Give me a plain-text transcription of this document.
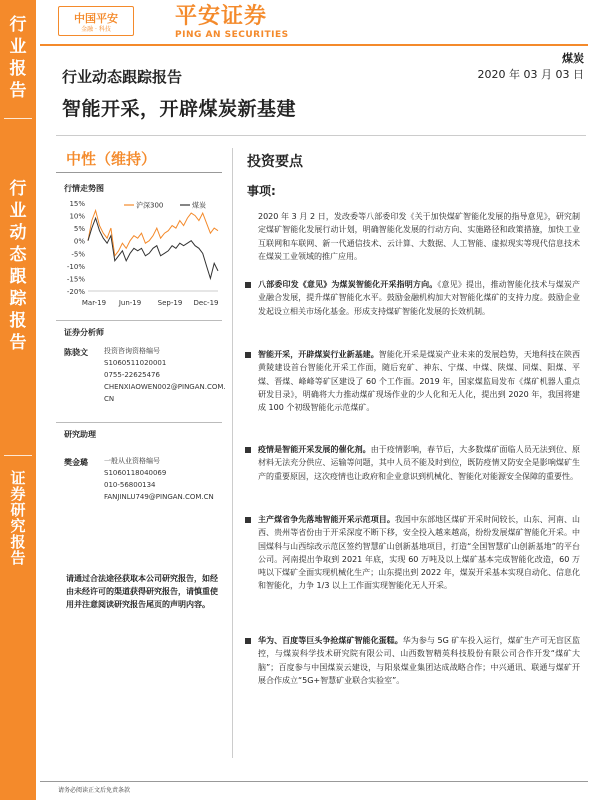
行业报告
行业动态跟踪报告
证券研究报告
中国平安
金融 · 科技
平安证券
PING AN SECURITIES
煤炭
2020 年 03 月 03 日
行业动态跟踪报告
智能开采，开辟煤炭新基建
中性（维持）
行情走势图
15%
10%
5%
0%
-5%
-10%
-15%
-20%
Mar-19 Jun-19 Sep-19 Dec-19
沪深300	煤炭
证券分析师
陈骁文 投资咨询资格编号
S1060511020001
0755-22625476
CHENXIAOWEN002@PINGAN.COM.
CN
研究助理
樊金璐 一般从业资格编号
S1060118040069
010-56800134
FANJINLU749@PINGAN.COM.CN
请通过合法途径获取本公司研究报告，如经由未经许可的渠道获得研究报告，请慎重使用并注意阅读研究报告尾页的声明内容。
投资要点
事项:
2020 年 3 月 2 日，发改委等八部委印发《关于加快煤矿智能化发展的指导意见》，研究制定煤矿智能化发展行动计划，明确智能化发展的行动方向、实施路径和政策措施，加快工业互联网和车联网、新一代通信技术、云计算、大数据、人工智能、虚拟现实等现代信息技术在煤炭工业领域的推广应用。
八部委印发《意见》为煤炭智能化开采指明方向。《意见》提出，推动智能化技术与煤炭产业融合发展，提升煤矿智能化水平。鼓励金融机构加大对智能化煤矿的支持力度。鼓励企业发起设立相关市场化基金。形成支持煤矿智能化发展的长效机制。
智能开采，开辟煤炭行业新基建。智能化开采是煤炭产业未来的发展趋势，天地科技在陕西黄陵建设首台智能化开采工作面，随后兖矿、神东、宁煤、中煤、陕煤、同煤、阳煤、平煤、晋煤、峰峰等矿区建设了 60 个工作面。2019 年，国家煤监局发布《煤矿机器人重点研发目录》，明确将大力推动煤矿现场作业的少人化和无人化，提出到 2020 年，我国将建成 100 个初级智能化示范煤矿。
疫情是智能开采发展的催化剂。由于疫情影响，春节后，大多数煤矿面临人员无法到位、原材料无法充分供应、运输等问题，其中人员不能及时到位，既防疫情又防安全是影响煤矿生产的重要原因，这次疫情也让政府和企业意识到机械化、智能化对能源安全保障的重要性。
主产煤省争先落地智能开采示范项目。我国中东部地区煤矿开采时间较长，山东、河南、山西、贵州等省份由于开采深度不断下移，安全投入越来越高，纷纷发展煤矿智能化开采。中国煤科与山西综改示范区签约智慧矿山创新基地项目，打造“全国智慧矿山创新基地”的平台公司。河南提出争取到 2021 年底，实现 60 万吨及以上煤矿基本完成智能化改造，60 万吨以下煤矿全面实现机械化生产；山东提出到 2022 年，煤炭开采基本实现自动化、信息化和智能化，力争 1/3 以上工作面实现智能化无人开采。
华为、百度等巨头争抢煤矿智能化蛋糕。华为参与 5G 矿车投入运行，煤矿生产可无盲区监控，与煤炭科学技术研究院有限公司、山西数智精英科技股份有限公司合作开发“煤矿大脑”；百度参与中国煤炭云建设，与阳泉煤业集团达成战略合作；中兴通讯、联通与煤矿开展合作成立“5G+智慧矿业联合实验室”。
请务必阅读正文后免责条款
